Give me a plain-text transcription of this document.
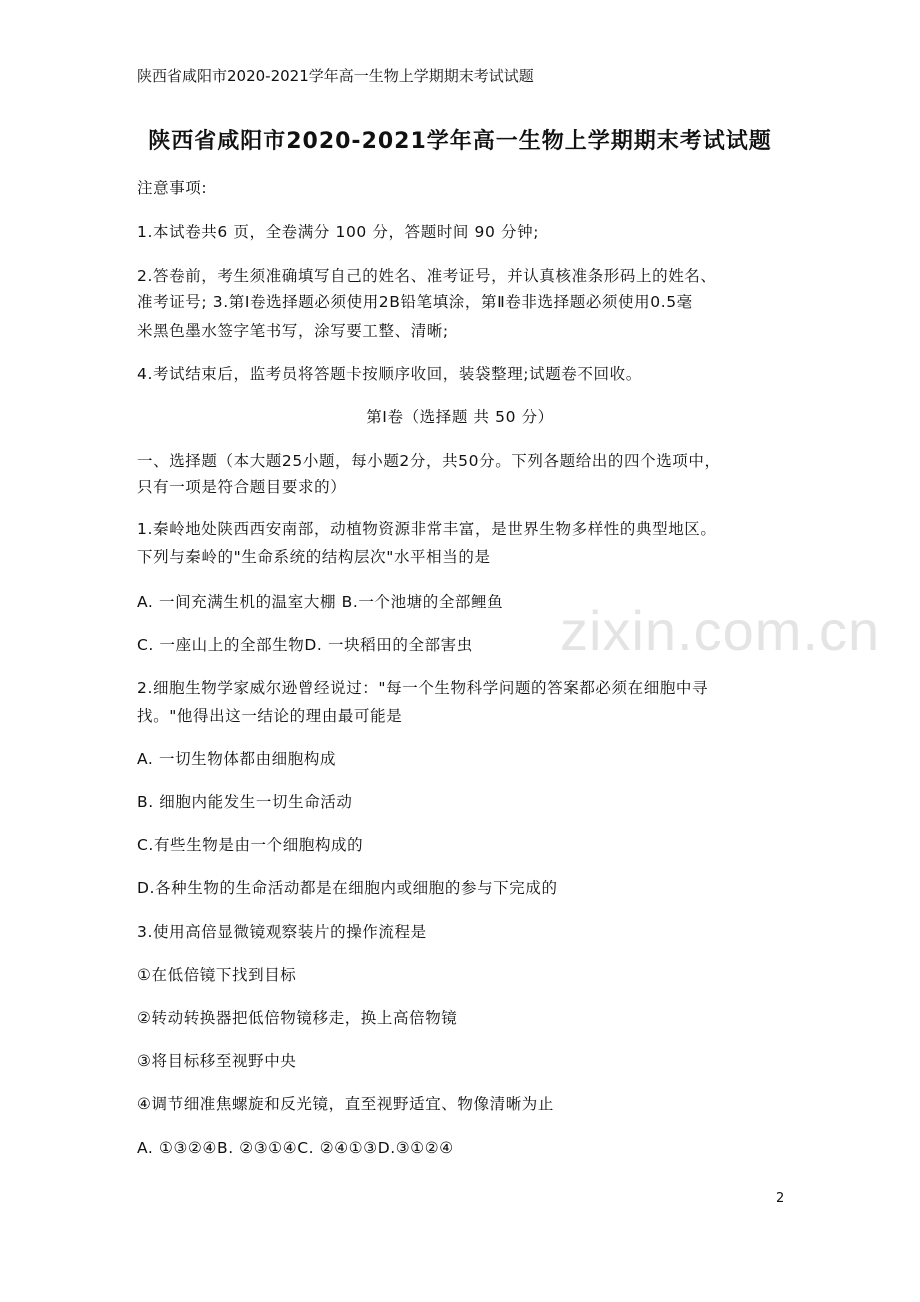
zixin.com.cn
陕西省咸阳市2020-2021学年高一生物上学期期末考试试题
陕西省咸阳市2020-2021学年高一生物上学期期末考试试题
注意事项:
1.本试卷共6 页，全卷满分 100 分，答题时间 90 分钟;
2.答卷前，考生须准确填写自己的姓名、准考证号，并认真核准条形码上的姓名、
准考证号; 3.第Ⅰ卷选择题必须使用2B铅笔填涂，第Ⅱ卷非选择题必须使用0.5毫
米黑色墨水签字笔书写，涂写要工整、清晰;
4.考试结束后，监考员将答题卡按顺序收回，装袋整理;试题卷不回收。
第Ⅰ卷（选择题 共 50 分）
一、选择题（本大题25小题，每小题2分，共50分。下列各题给出的四个选项中，
只有一项是符合题目要求的）
1.秦岭地处陕西西安南部，动植物资源非常丰富，是世界生物多样性的典型地区。
下列与秦岭的"生命系统的结构层次"水平相当的是
A. 一间充满生机的温室大棚 B.一个池塘的全部鲤鱼
C. 一座山上的全部生物D. 一块稻田的全部害虫
2.细胞生物学家威尔逊曾经说过："每一个生物科学问题的答案都必须在细胞中寻
找。"他得出这一结论的理由最可能是
A. 一切生物体都由细胞构成
B. 细胞内能发生一切生命活动
C.有些生物是由一个细胞构成的
D.各种生物的生命活动都是在细胞内或细胞的参与下完成的
3.使用高倍显微镜观察装片的操作流程是
①在低倍镜下找到目标
②转动转换器把低倍物镜移走，换上高倍物镜
③将目标移至视野中央
④调节细准焦螺旋和反光镜，直至视野适宜、物像清晰为止
A. ①③②④B. ②③①④C. ②④①③D.③①②④
2
